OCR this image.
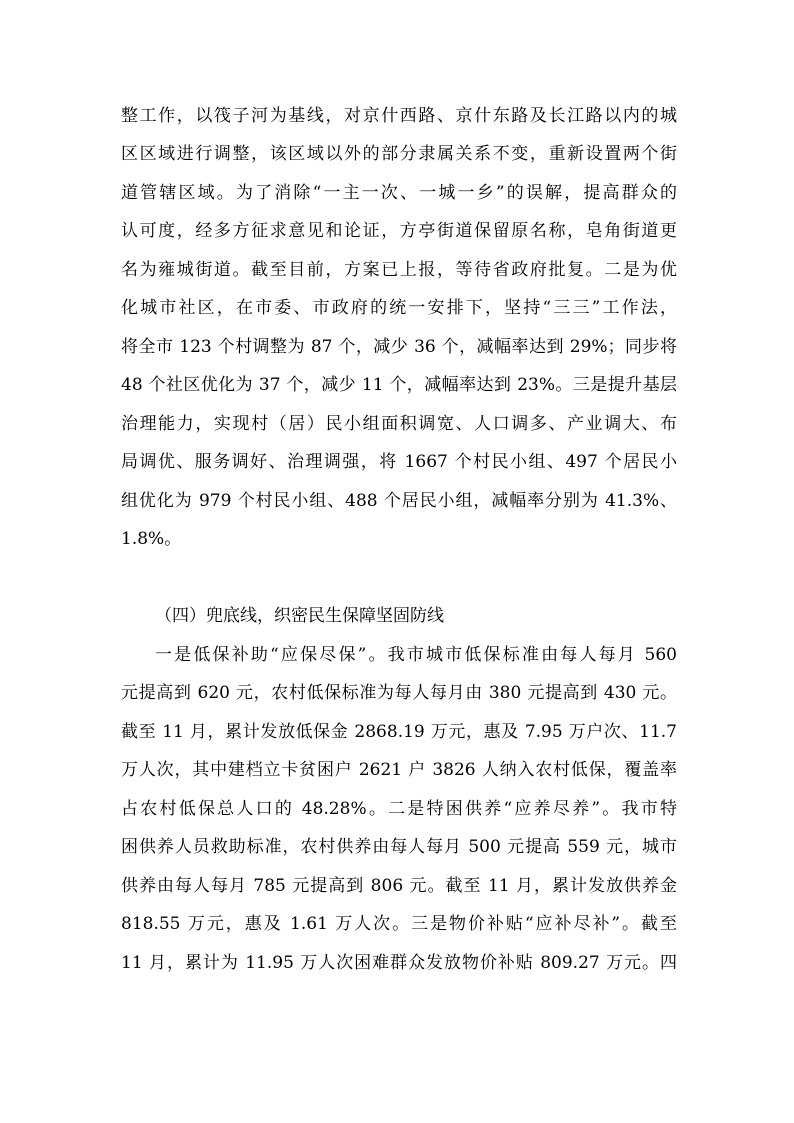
整工作，以筏子河为基线，对京什西路、京什东路及长江路以内的城
区区域进行调整，该区域以外的部分隶属关系不变，重新设置两个街
道管辖区域。为了消除“一主一次、一城一乡”的误解，提高群众的
认可度，经多方征求意见和论证，方亭街道保留原名称，皂角街道更
名为雍城街道。截至目前，方案已上报，等待省政府批复。二是为优
化城市社区，在市委、市政府的统一安排下，坚持“三三”工作法，
将全市 123 个村调整为 87 个，减少 36 个，减幅率达到 29%；同步将
48 个社区优化为 37 个，减少 11 个，减幅率达到 23%。三是提升基层
治理能力，实现村（居）民小组面积调宽、人口调多、产业调大、布
局调优、服务调好、治理调强，将 1667 个村民小组、497 个居民小
组优化为 979 个村民小组、488 个居民小组，减幅率分别为 41.3%、
1.8%。
（四）兜底线，织密民生保障坚固防线
一是低保补助“应保尽保”。我市城市低保标准由每人每月 560
元提高到 620 元，农村低保标准为每人每月由 380 元提高到 430 元。
截至 11 月，累计发放低保金 2868.19 万元，惠及 7.95 万户次、11.7
万人次，其中建档立卡贫困户 2621 户 3826 人纳入农村低保，覆盖率
占农村低保总人口的 48.28%。二是特困供养“应养尽养”。我市特
困供养人员救助标准，农村供养由每人每月 500 元提高 559 元，城市
供养由每人每月 785 元提高到 806 元。截至 11 月，累计发放供养金
818.55 万元，惠及 1.61 万人次。三是物价补贴“应补尽补”。截至
11 月，累计为 11.95 万人次困难群众发放物价补贴 809.27 万元。四
